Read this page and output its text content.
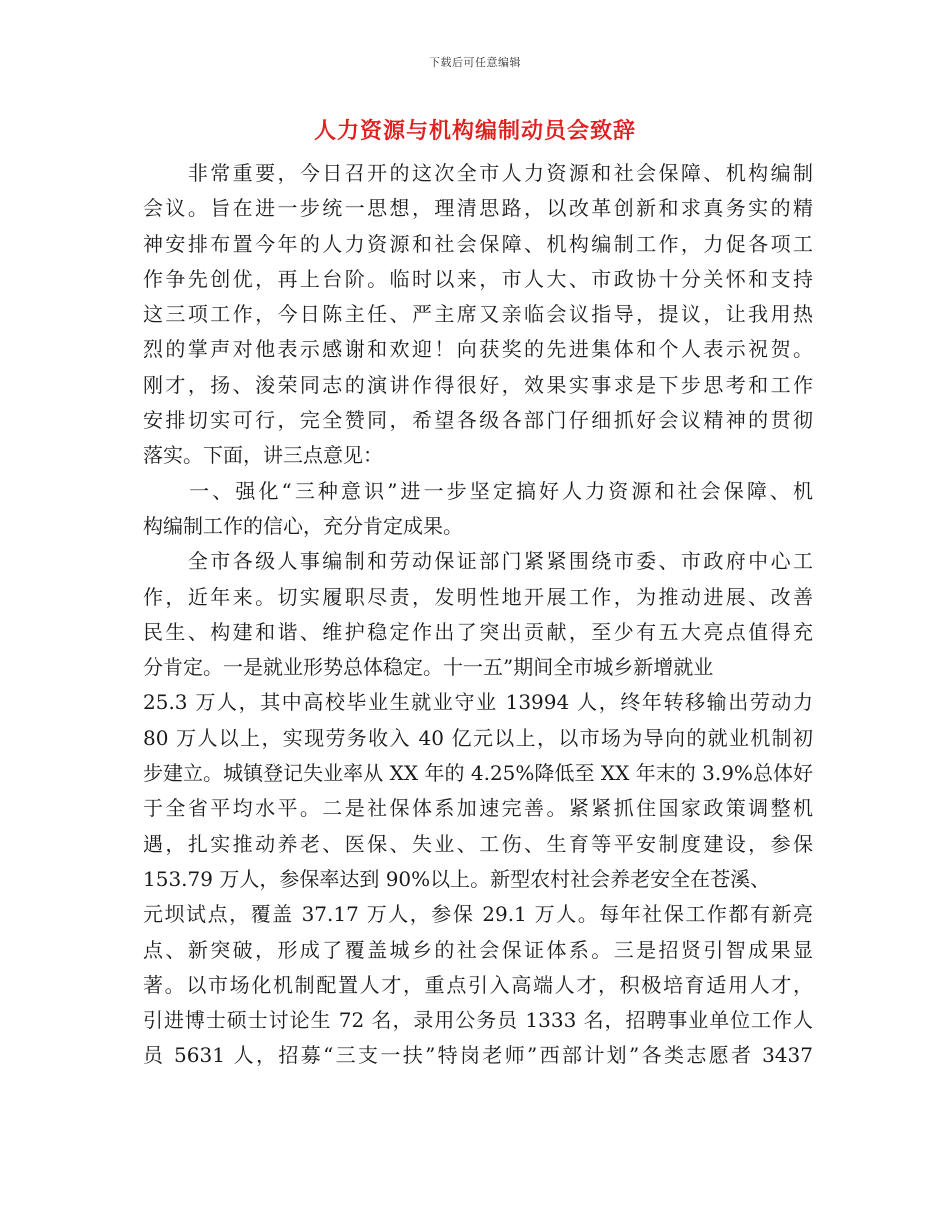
下载后可任意编辑
人力资源与机构编制动员会致辞
　　非常重要，今日召开的这次全市人力资源和社会保障、机构编制
会议。旨在进一步统一思想，理清思路，以改革创新和求真务实的精
神安排布置今年的人力资源和社会保障、机构编制工作，力促各项工
作争先创优，再上台阶。临时以来，市人大、市政协十分关怀和支持
这三项工作，今日陈主任、严主席又亲临会议指导，提议，让我用热
烈的掌声对他表示感谢和欢迎！向获奖的先进集体和个人表示祝贺。
刚才，扬、浚荣同志的演讲作得很好，效果实事求是下步思考和工作
安排切实可行，完全赞同，希望各级各部门仔细抓好会议精神的贯彻
落实。下面，讲三点意见：
　　一、强化“三种意识”进一步坚定搞好人力资源和社会保障、机
构编制工作的信心，充分肯定成果。
　　全市各级人事编制和劳动保证部门紧紧围绕市委、市政府中心工
作，近年来。切实履职尽责，发明性地开展工作，为推动进展、改善
民生、构建和谐、维护稳定作出了突出贡献，至少有五大亮点值得充
分肯定。一是就业形势总体稳定。十一五”期间全市城乡新增就业
25.3 万人，其中高校毕业生就业守业 13994 人，终年转移输出劳动力
80 万人以上，实现劳务收入 40 亿元以上，以市场为导向的就业机制初
步建立。城镇登记失业率从 XX 年的 4.25%降低至 XX 年末的 3.9%总体好
于全省平均水平。二是社保体系加速完善。紧紧抓住国家政策调整机
遇，扎实推动养老、医保、失业、工伤、生育等平安制度建设，参保
153.79 万人，参保率达到 90%以上。新型农村社会养老安全在苍溪、
元坝试点，覆盖 37.17 万人，参保 29.1 万人。每年社保工作都有新亮
点、新突破，形成了覆盖城乡的社会保证体系。三是招贤引智成果显
著。以市场化机制配置人才，重点引入高端人才，积极培育适用人才，
引进博士硕士讨论生 72 名，录用公务员 1333 名，招聘事业单位工作人
员 5631 人，招募“三支一扶”特岗老师”西部计划”各类志愿者 3437
